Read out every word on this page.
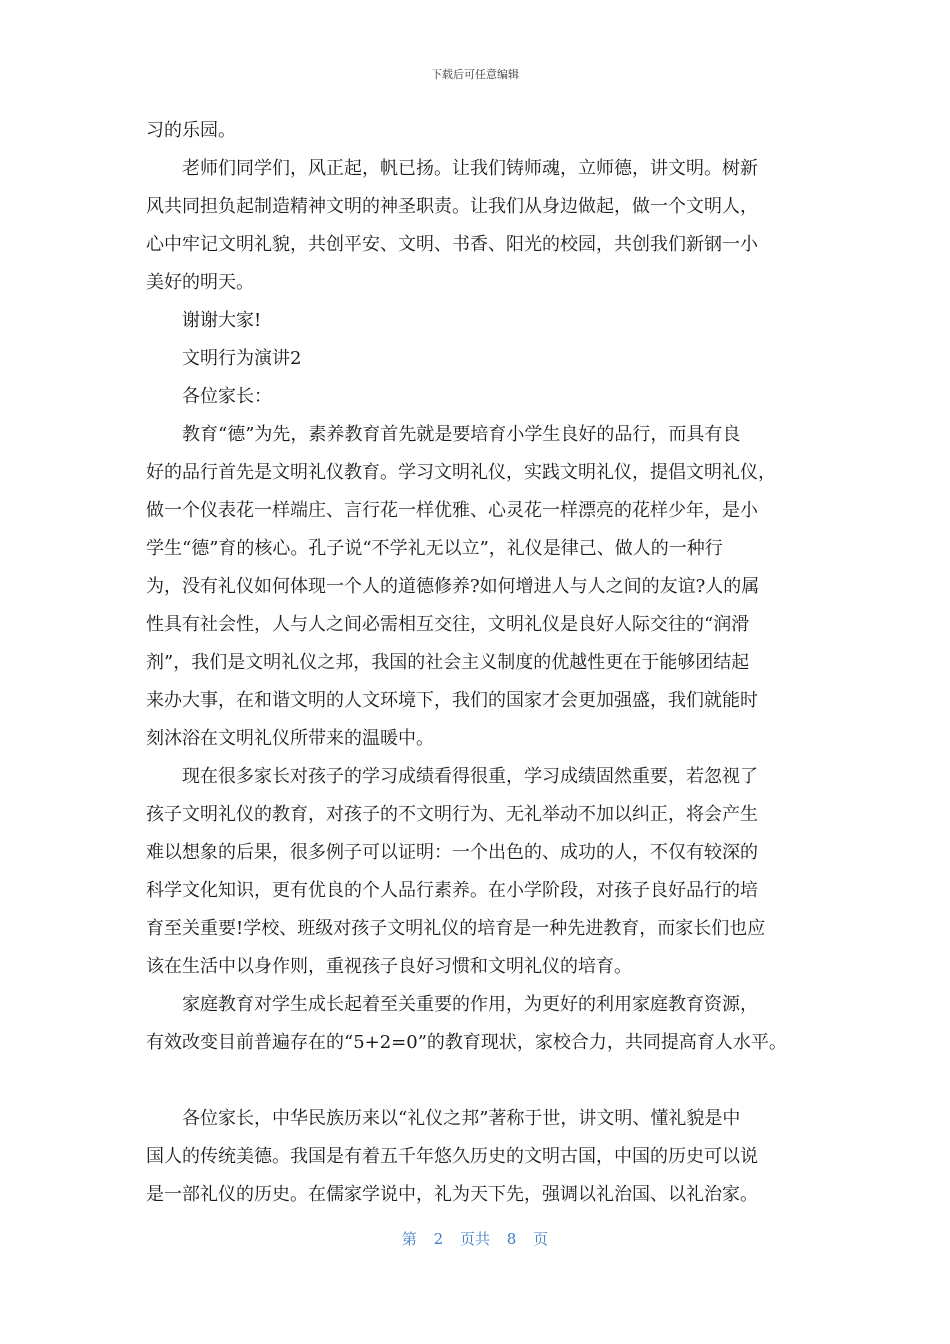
下载后可任意编辑
习的乐园。
老师们同学们，风正起，帆已扬。让我们铸师魂，立师德，讲文明。树新
风共同担负起制造精神文明的神圣职责。让我们从身边做起，做一个文明人，
心中牢记文明礼貌，共创平安、文明、书香、阳光的校园，共创我们新钢一小
美好的明天。
谢谢大家!
文明行为演讲2
各位家长：
教育“德”为先，素养教育首先就是要培育小学生良好的品行，而具有良
好的品行首先是文明礼仪教育。学习文明礼仪，实践文明礼仪，提倡文明礼仪，
做一个仪表花一样端庄、言行花一样优雅、心灵花一样漂亮的花样少年，是小
学生“德”育的核心。孔子说“不学礼无以立”，礼仪是律己、做人的一种行
为，没有礼仪如何体现一个人的道德修养?如何增进人与人之间的友谊?人的属
性具有社会性，人与人之间必需相互交往，文明礼仪是良好人际交往的“润滑
剂”，我们是文明礼仪之邦，我国的社会主义制度的优越性更在于能够团结起
来办大事，在和谐文明的人文环境下，我们的国家才会更加强盛，我们就能时
刻沐浴在文明礼仪所带来的温暖中。
现在很多家长对孩子的学习成绩看得很重，学习成绩固然重要，若忽视了
孩子文明礼仪的教育，对孩子的不文明行为、无礼举动不加以纠正，将会产生
难以想象的后果，很多例子可以证明：一个出色的、成功的人，不仅有较深的
科学文化知识，更有优良的个人品行素养。在小学阶段，对孩子良好品行的培
育至关重要!学校、班级对孩子文明礼仪的培育是一种先进教育，而家长们也应
该在生活中以身作则，重视孩子良好习惯和文明礼仪的培育。
家庭教育对学生成长起着至关重要的作用，为更好的利用家庭教育资源，
有效改变目前普遍存在的“5+2=0”的教育现状，家校合力，共同提高育人水平。
各位家长，中华民族历来以“礼仪之邦”著称于世，讲文明、懂礼貌是中
国人的传统美德。我国是有着五千年悠久历史的文明古国，中国的历史可以说
是一部礼仪的历史。在儒家学说中，礼为天下先，强调以礼治国、以礼治家。
第 2 页共 8 页
